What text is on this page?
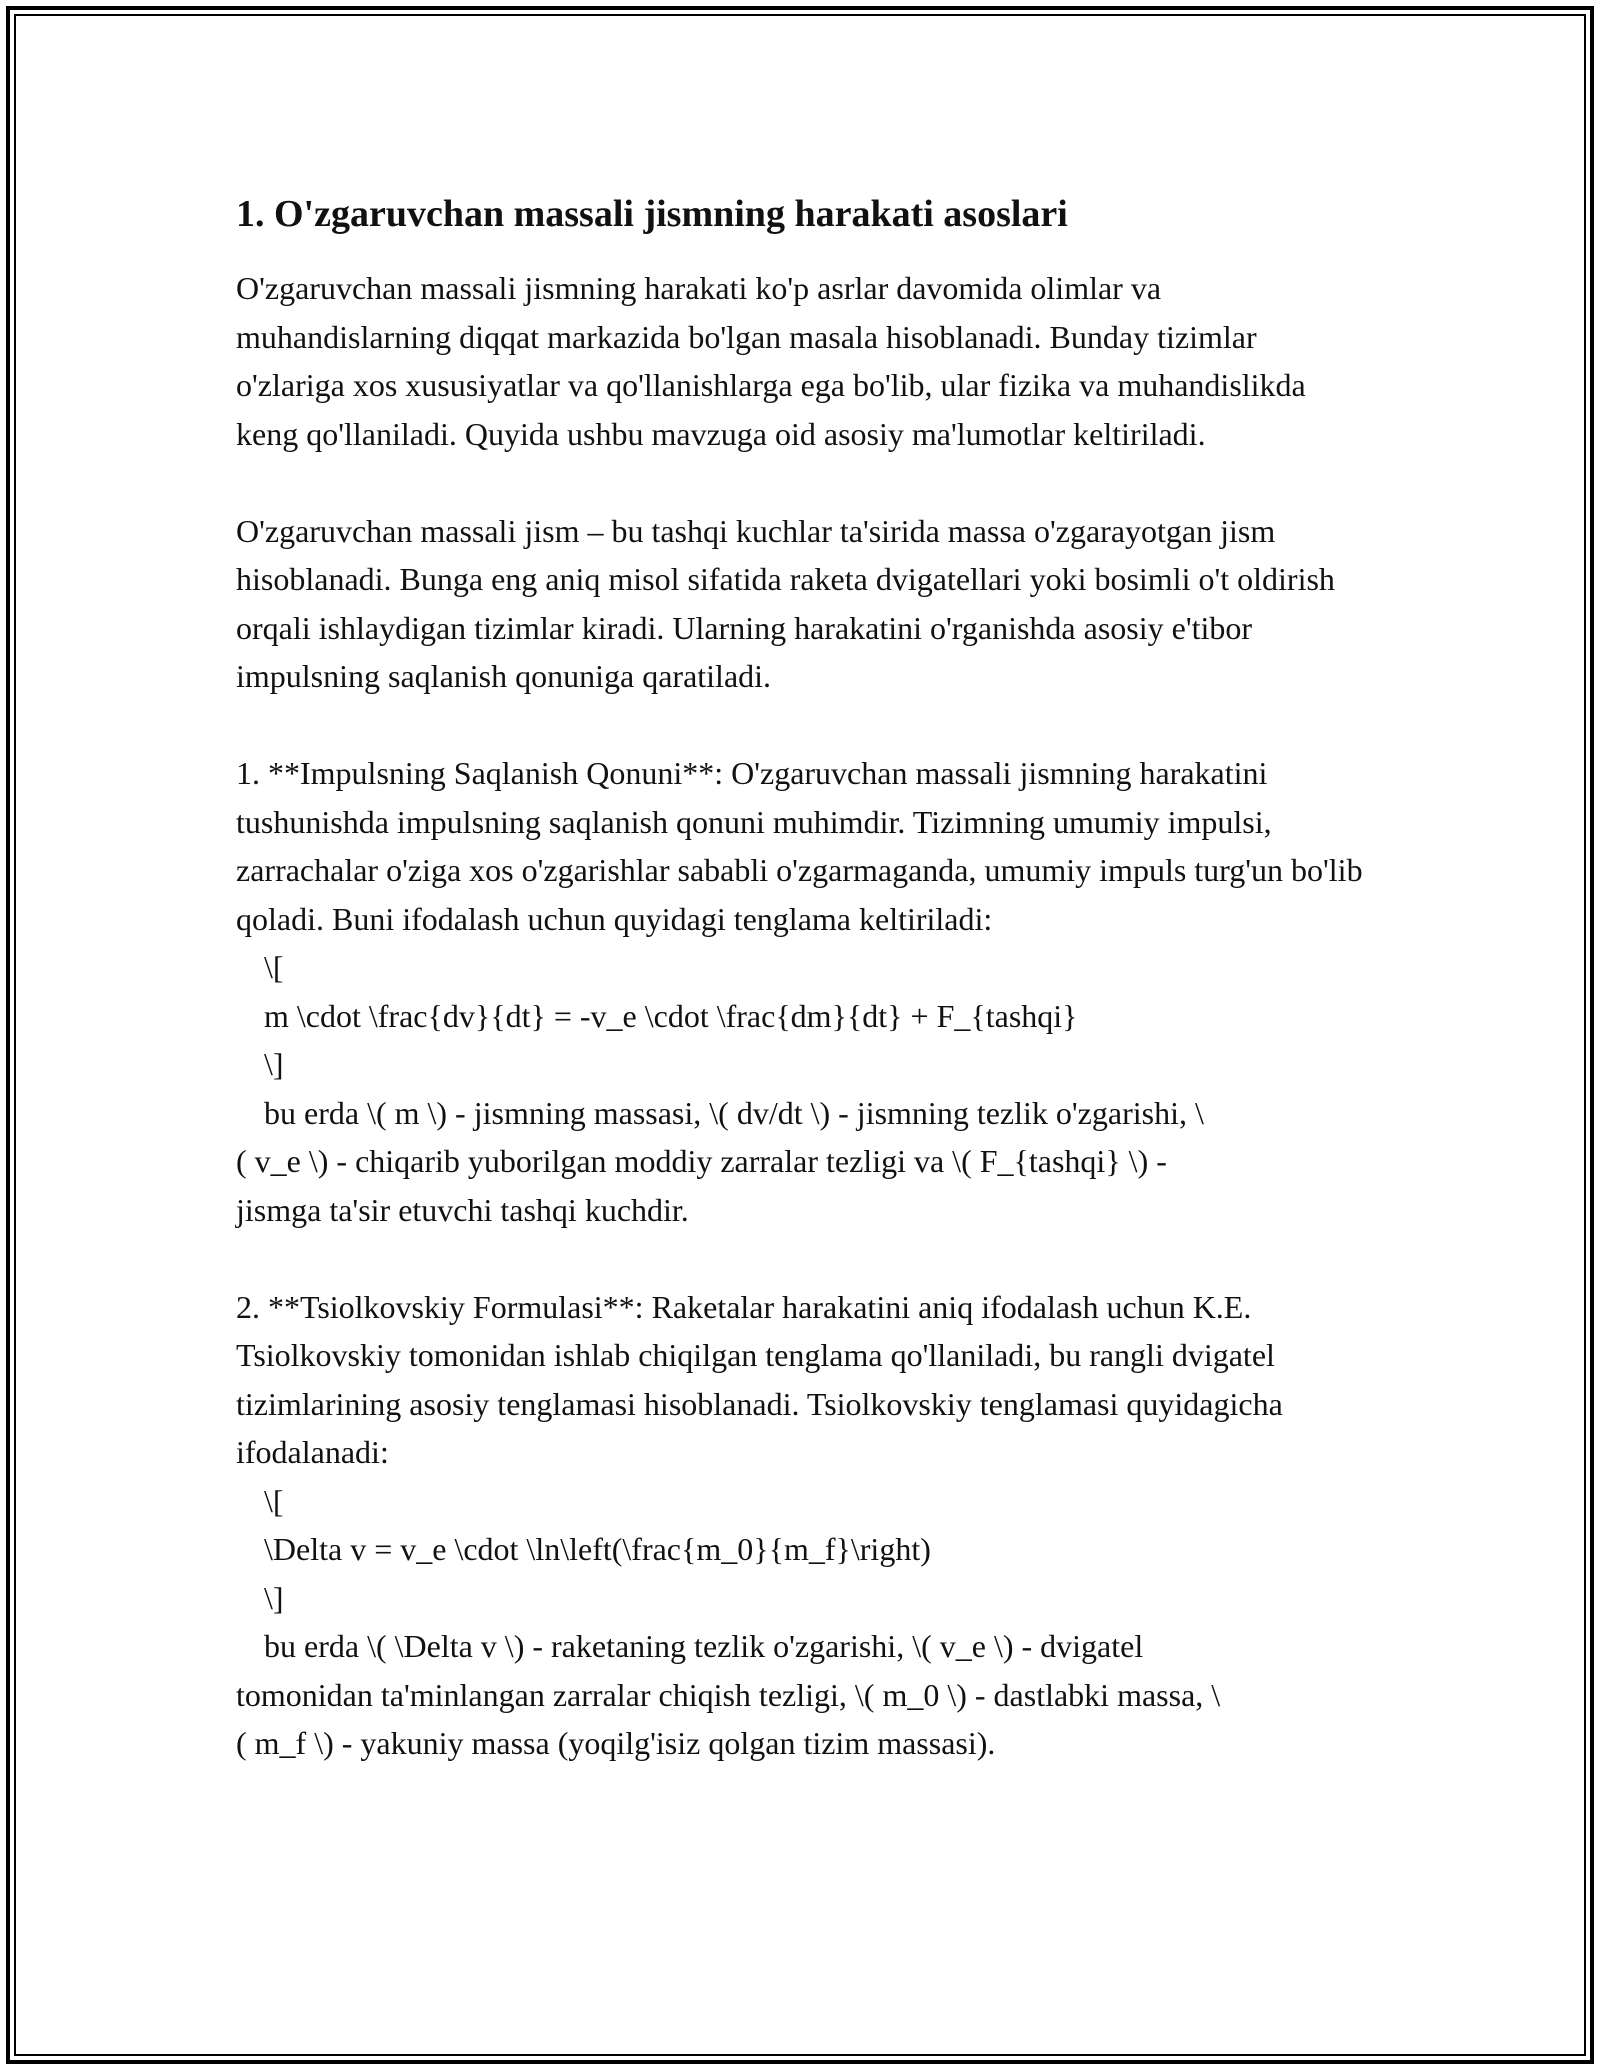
1. O'zgaruvchan massali jismning harakati asoslari

O'zgaruvchan massali jismning harakati ko'p asrlar davomida olimlar va muhandislarning diqqat markazida bo'lgan masala hisoblanadi. Bunday tizimlar o'zlariga xos xususiyatlar va qo'llanishlarga ega bo'lib, ular fizika va muhandislikda keng qo'llaniladi. Quyida ushbu mavzuga oid asosiy ma'lumotlar keltiriladi.

O'zgaruvchan massali jism – bu tashqi kuchlar ta'sirida massa o'zgarayotgan jism hisoblanadi. Bunga eng aniq misol sifatida raketa dvigatellari yoki bosimli o't oldirish orqali ishlaydigan tizimlar kiradi. Ularning harakatini o'rganishda asosiy e'tibor impulsning saqlanish qonuniga qaratiladi.

1. **Impulsning Saqlanish Qonuni**: O'zgaruvchan massali jismning harakatini tushunishda impulsning saqlanish qonuni muhimdir. Tizimning umumiy impulsi, zarrachalar o'ziga xos o'zgarishlar sababli o'zgarmaganda, umumiy impuls turg'un bo'lib qoladi. Buni ifodalash uchun quyidagi tenglama keltiriladi:

\[

m \cdot \frac{dv}{dt} = -v_e \cdot \frac{dm}{dt} + F_{tashqi}

\]

bu erda \( m \) - jismning massasi, \( dv/dt \) - jismning tezlik o'zgarishi, \

( v_e \) - chiqarib yuborilgan moddiy zarralar tezligi va \( F_{tashqi} \) -

jismga ta'sir etuvchi tashqi kuchdir.

2. **Tsiolkovskiy Formulasi**: Raketalar harakatini aniq ifodalash uchun K.E. Tsiolkovskiy tomonidan ishlab chiqilgan tenglama qo'llaniladi, bu rangli dvigatel tizimlarining asosiy tenglamasi hisoblanadi. Tsiolkovskiy tenglamasi quyidagicha ifodalanadi:

\[

\Delta v = v_e \cdot \ln\left(\frac{m_0}{m_f}\right)

\]

bu erda \( \Delta v \) - raketaning tezlik o'zgarishi, \( v_e \) - dvigatel

tomonidan ta'minlangan zarralar chiqish tezligi, \( m_0 \) - dastlabki massa, \

( m_f \) - yakuniy massa (yoqilg'isiz qolgan tizim massasi).
